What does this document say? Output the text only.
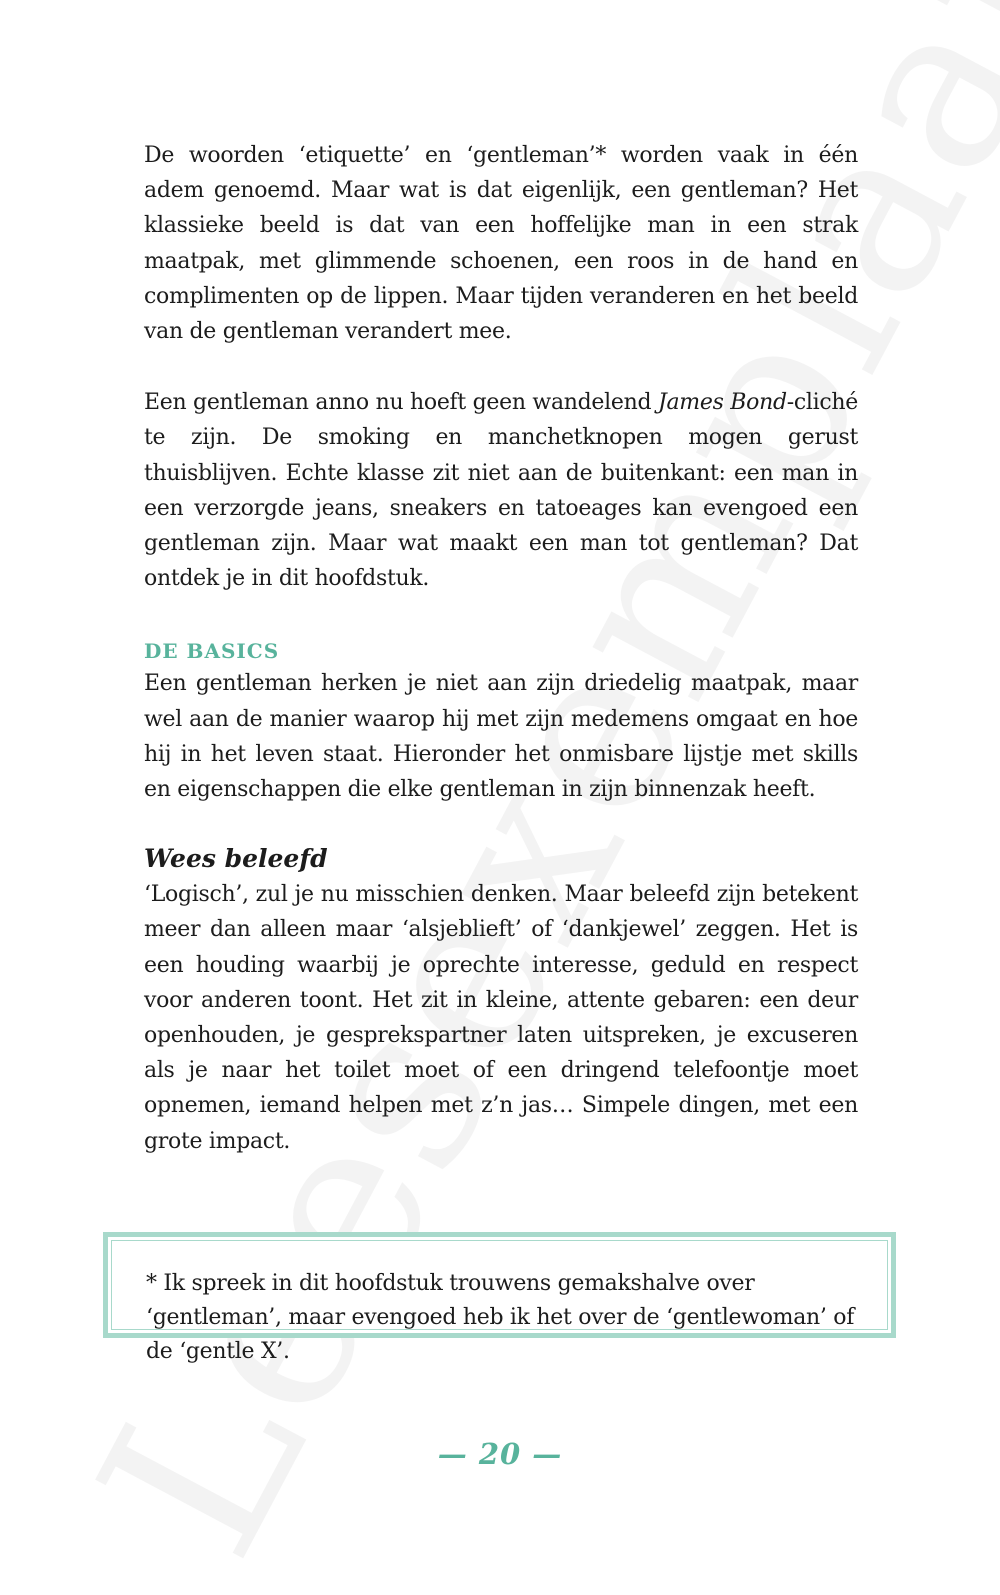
De woorden ‘etiquette’ en ‘gentleman’* worden vaak in één adem genoemd. Maar wat is dat eigenlijk, een gentleman? Het klassieke beeld is dat van een hoffelijke man in een strak maatpak, met glimmende schoenen, een roos in de hand en complimenten op de lippen. Maar tijden veranderen en het beeld van de gentleman verandert mee.

Een gentleman anno nu hoeft geen wandelend James Bond-cliché te zijn. De smoking en manchetknopen mogen gerust thuisblijven. Echte klasse zit niet aan de buitenkant: een man in een verzorgde jeans, sneakers en tatoeages kan evengoed een gentleman zijn. Maar wat maakt een man tot gentleman? Dat ontdek je in dit hoofdstuk.

DE BASICS

Een gentleman herken je niet aan zijn driedelig maatpak, maar wel aan de manier waarop hij met zijn medemens omgaat en hoe hij in het leven staat. Hieronder het onmisbare lijstje met skills en eigenschappen die elke gentleman in zijn binnenzak heeft.

Wees beleefd

‘Logisch’, zul je nu misschien denken. Maar beleefd zijn betekent meer dan alleen maar ‘alsjeblieft’ of ‘dankjewel’ zeggen. Het is een houding waarbij je oprechte interesse, geduld en respect voor anderen toont. Het zit in kleine, attente gebaren: een deur openhouden, je gesprekspartner laten uitspreken, je excuseren als je naar het toilet moet of een dringend telefoontje moet opnemen, iemand helpen met z’n jas… Simpele dingen, met een grote impact.

* Ik spreek in dit hoofdstuk trouwens gemakshalve over ‘gentleman’, maar evengoed heb ik het over de ‘gentlewoman’ of de ‘gentle X’.

— 20 —
